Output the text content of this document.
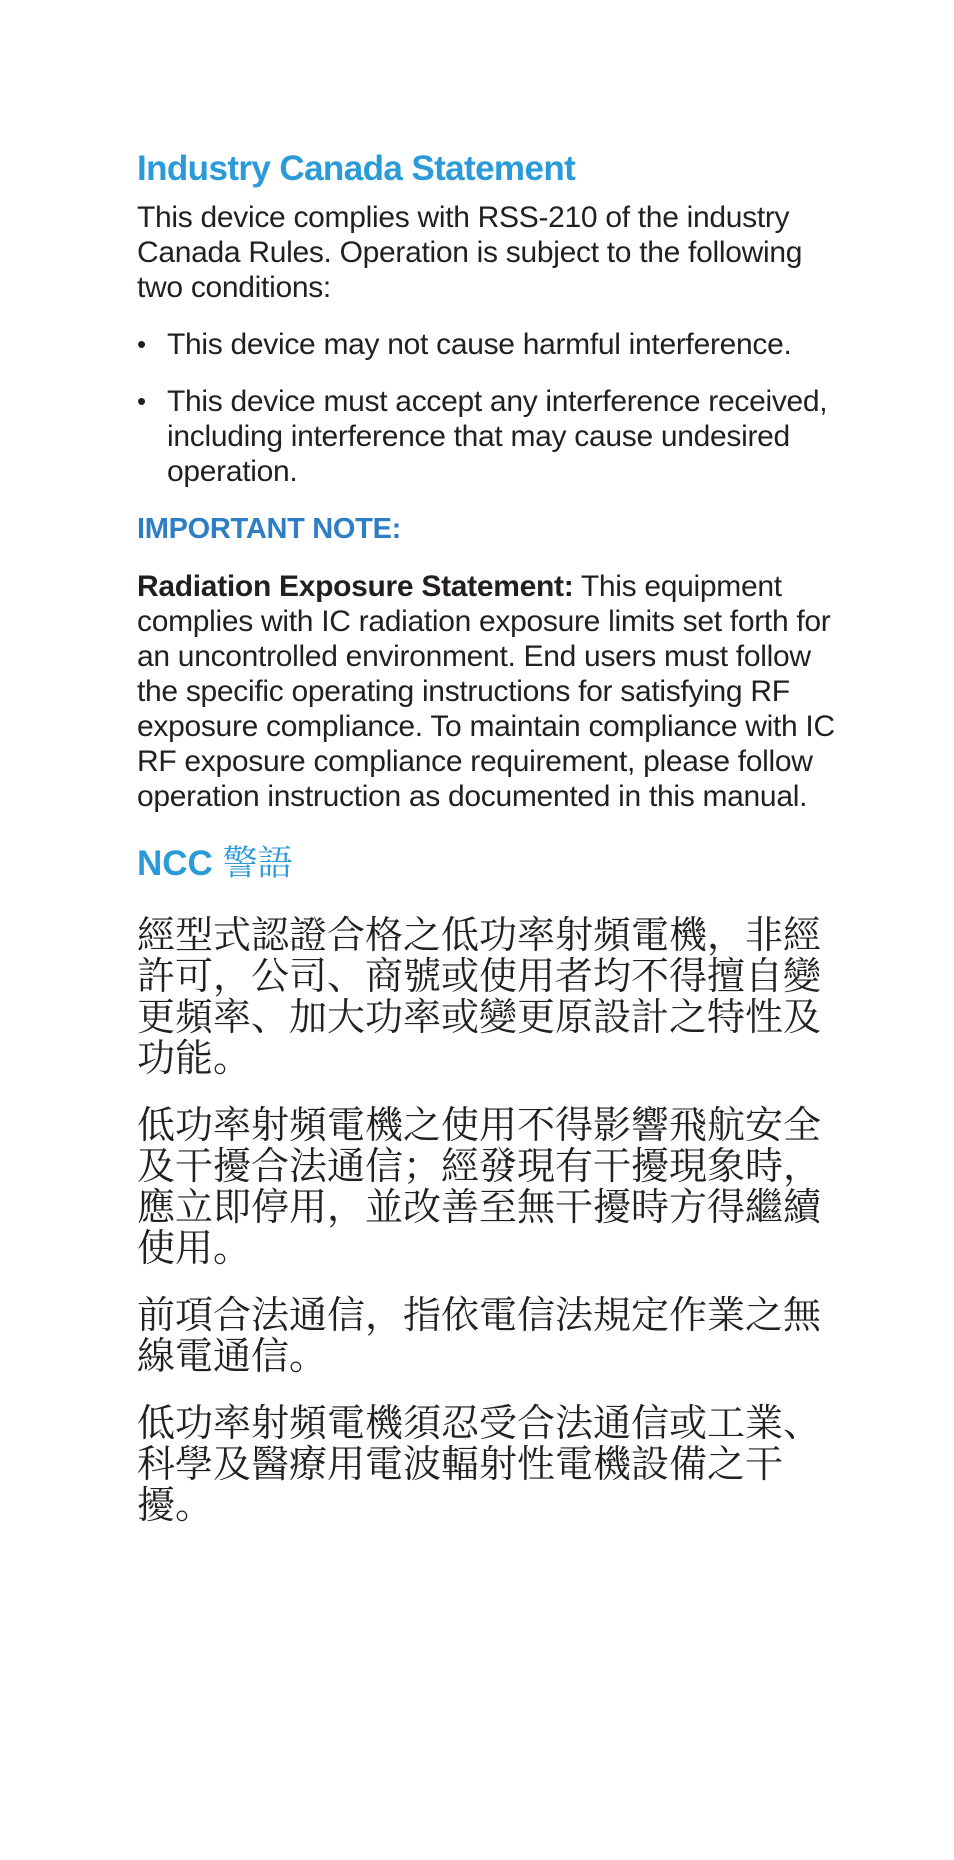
Industry Canada Statement

This device complies with RSS-210 of the industry Canada Rules. Operation is subject to the following two conditions:

• This device may not cause harmful interference.
• This device must accept any interference received, including interference that may cause undesired operation.
IMPORTANT NOTE:

Radiation Exposure Statement: This equipment complies with IC radiation exposure limits set forth for an uncontrolled environment. End users must follow the specific operating instructions for satisfying RF exposure compliance. To maintain compliance with IC RF exposure compliance requirement, please follow operation instruction as documented in this manual.

NCC 警語

經型式認證合格之低功率射頻電機，非經許可，公司、商號或使用者均不得擅自變更頻率、加大功率或變更原設計之特性及功能。

低功率射頻電機之使用不得影響飛航安全及干擾合法通信；經發現有干擾現象時，應立即停用，並改善至無干擾時方得繼續使用。

前項合法通信，指依電信法規定作業之無線電通信。

低功率射頻電機須忍受合法通信或工業、科學及醫療用電波輻射性電機設備之干擾。
